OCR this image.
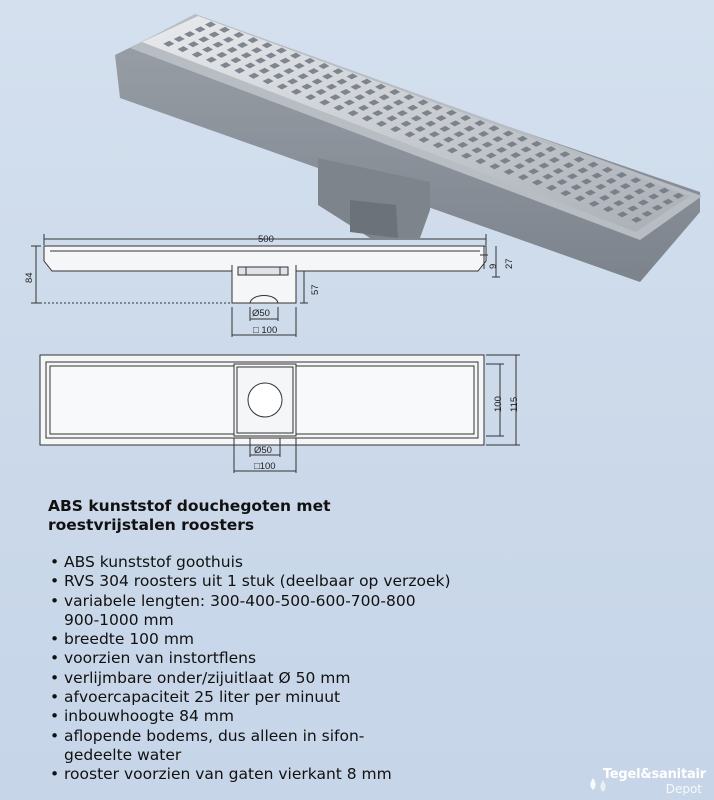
500
84
9 27
57
Ø50
□ 100
100 115
Ø50
□100
ABS kunststof douchegoten met
roestvrijstalen roosters
• ABS kunststof goothuis
• RVS 304 roosters uit 1 stuk (deelbaar op verzoek)
• variabele lengten: 300-400-500-600-700-800
900-1000 mm
• breedte 100 mm
• voorzien van instortflens
• verlijmbare onder/zijuitlaat Ø 50 mm
• afvoercapaciteit 25 liter per minuut
• inbouwhoogte 84 mm
• aflopende bodems, dus alleen in sifon-
gedeelte water
• rooster voorzien van gaten vierkant 8 mm	Tegel&sanitair
Depot
